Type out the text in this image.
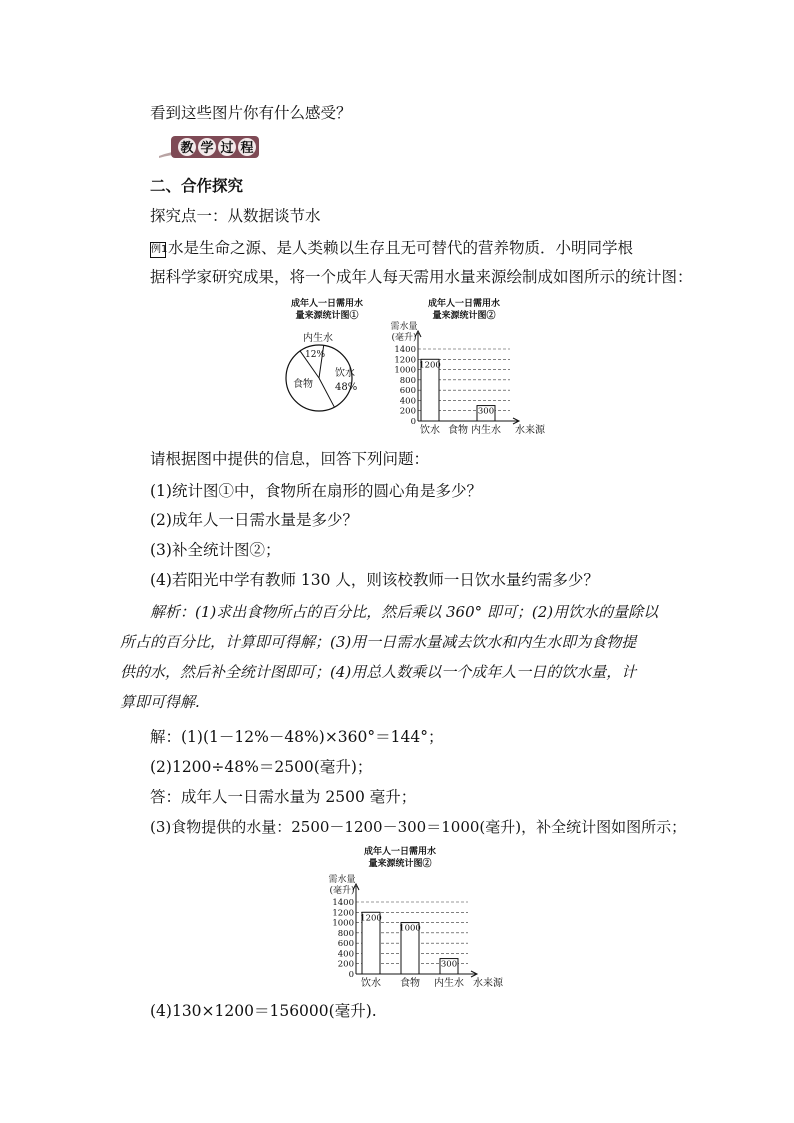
看到这些图片你有什么感受？
教 学 过 程
二、合作探究
探究点一：从数据谈节水
例1水是生命之源、是人类赖以生存且无可替代的营养物质．小明同学根
据科学家研究成果，将一个成年人每天需用水量来源绘制成如图所示的统计图：
成年人一日需用水
量来源统计图①
内生水
12%
食物
饮水
48%
成年人一日需用水
量来源统计图②
需水量
(毫升)
0
200
400
600
800
1000
1200
1400
1200
饮水 食物
300
内生水 水来源
请根据图中提供的信息，回答下列问题：
(1)统计图①中，食物所在扇形的圆心角是多少？
(2)成年人一日需水量是多少？
(3)补全统计图②；
(4)若阳光中学有教师 130 人，则该校教师一日饮水量约需多少？
解析：(1)求出食物所占的百分比，然后乘以 360° 即可；(2)用饮水的量除以
所占的百分比，计算即可得解；(3)用一日需水量减去饮水和内生水即为食物提
供的水，然后补全统计图即可；(4)用总人数乘以一个成年人一日的饮水量，计
算即可得解.
解：(1)(1－12%－48%)×360°＝144°；
(2)1200÷48%＝2500(毫升)；
答：成年人一日需水量为 2500 毫升；
(3)食物提供的水量：2500－1200－300＝1000(毫升)，补全统计图如图所示；
成年人一日需用水
量来源统计图②
需水量
(毫升)
0
200
400
600
800
1000
1200
1400
1200
饮水
1000
食物
300
内生水 水来源
(4)130×1200＝156000(毫升).
